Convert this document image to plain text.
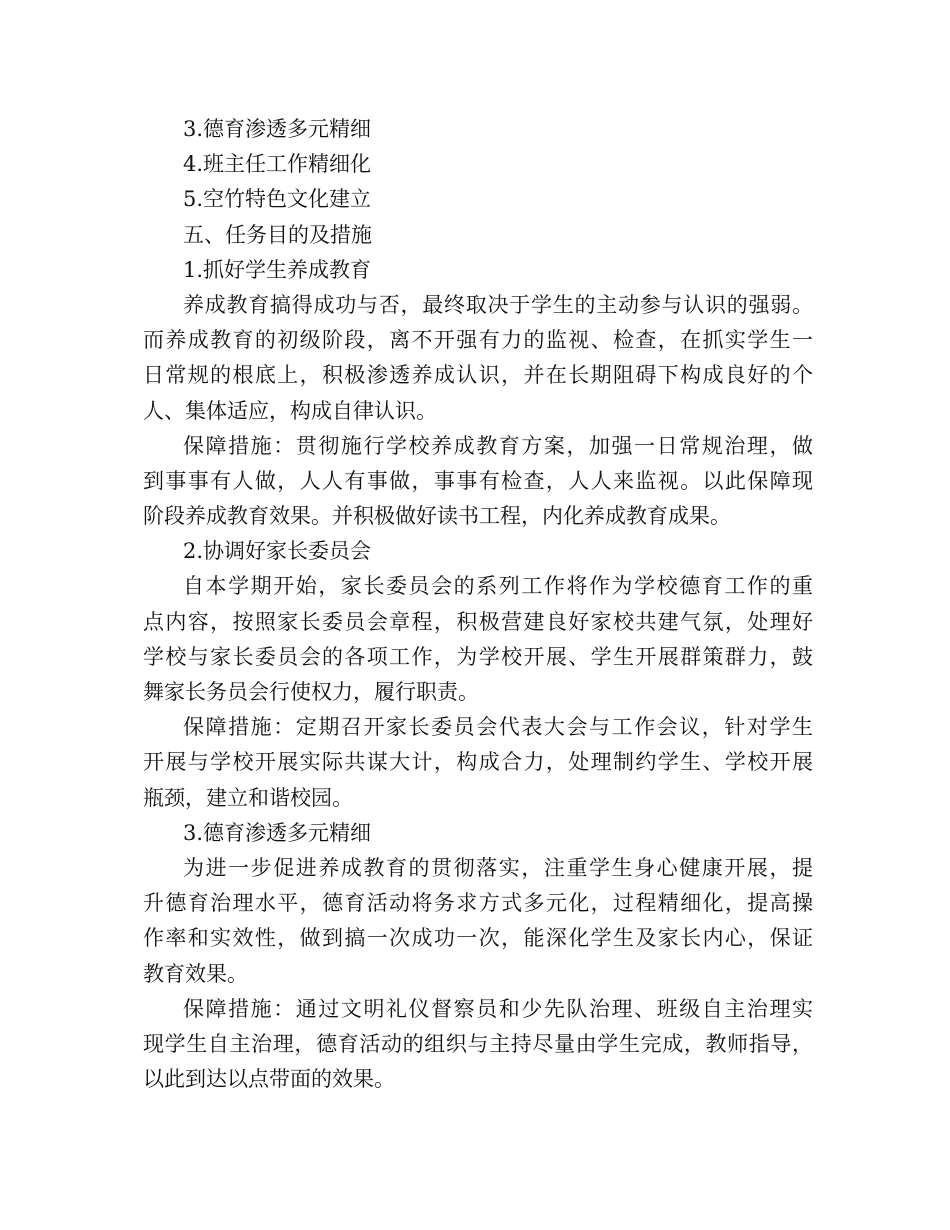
3.德育渗透多元精细
4.班主任工作精细化
5.空竹特色文化建立
五、任务目的及措施
1.抓好学生养成教育
养成教育搞得成功与否，最终取决于学生的主动参与认识的强弱。
而养成教育的初级阶段，离不开强有力的监视、检查，在抓实学生一
日常规的根底上，积极渗透养成认识，并在长期阻碍下构成良好的个
人、集体适应，构成自律认识。
保障措施：贯彻施行学校养成教育方案，加强一日常规治理，做
到事事有人做，人人有事做，事事有检查，人人来监视。以此保障现
阶段养成教育效果。并积极做好读书工程，内化养成教育成果。
2.协调好家长委员会
自本学期开始，家长委员会的系列工作将作为学校德育工作的重
点内容，按照家长委员会章程，积极营建良好家校共建气氛，处理好
学校与家长委员会的各项工作，为学校开展、学生开展群策群力，鼓
舞家长务员会行使权力，履行职责。
保障措施：定期召开家长委员会代表大会与工作会议，针对学生
开展与学校开展实际共谋大计，构成合力，处理制约学生、学校开展
瓶颈，建立和谐校园。
3.德育渗透多元精细
为进一步促进养成教育的贯彻落实，注重学生身心健康开展，提
升德育治理水平，德育活动将务求方式多元化，过程精细化，提高操
作率和实效性，做到搞一次成功一次，能深化学生及家长内心，保证
教育效果。
保障措施：通过文明礼仪督察员和少先队治理、班级自主治理实
现学生自主治理，德育活动的组织与主持尽量由学生完成，教师指导，
以此到达以点带面的效果。
